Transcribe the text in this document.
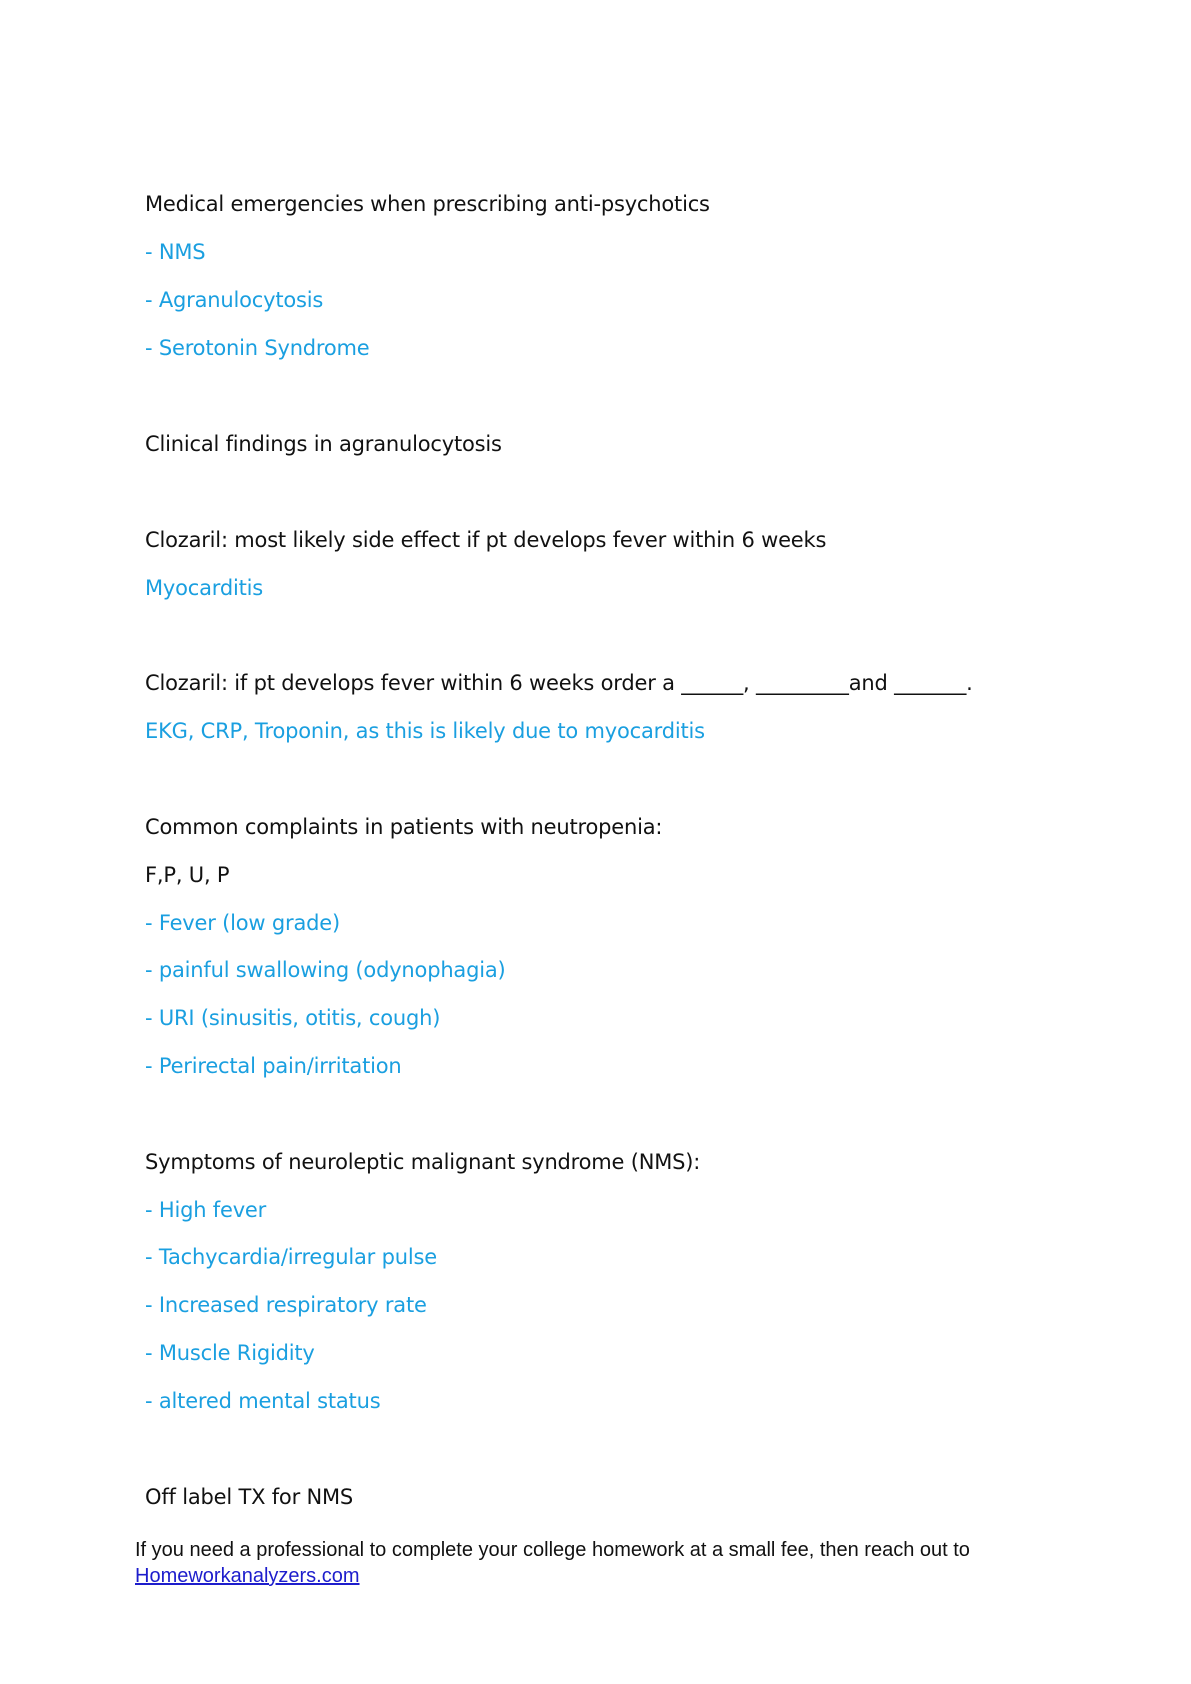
Medical emergencies when prescribing anti-psychotics
- NMS
- Agranulocytosis
- Serotonin Syndrome
Clinical findings in agranulocytosis
Clozaril: most likely side effect if pt develops fever within 6 weeks
Myocarditis
Clozaril: if pt develops fever within 6 weeks order a ______, _________and _______.
EKG, CRP, Troponin, as this is likely due to myocarditis
Common complaints in patients with neutropenia:
F,P, U, P
- Fever (low grade)
- painful swallowing (odynophagia)
- URI (sinusitis, otitis, cough)
- Perirectal pain/irritation
Symptoms of neuroleptic malignant syndrome (NMS):
- High fever
- Tachycardia/irregular pulse
- Increased respiratory rate
- Muscle Rigidity
- altered mental status
Off label TX for NMS
If you need a professional to complete your college homework at a small fee, then reach out to
Homeworkanalyzers.com
